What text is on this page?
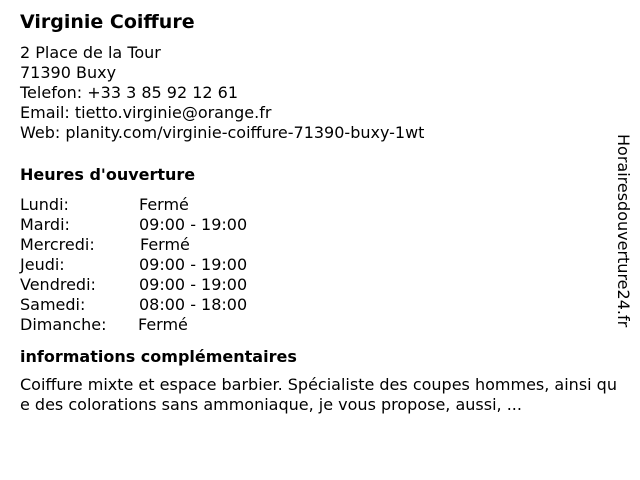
Virginie Coiffure
2 Place de la Tour
71390 Buxy
Telefon: +33 3 85 92 12 61
Email: tietto.virginie@orange.fr
Web: planity.com/virginie-coiffure-71390-buxy-1wt
Heures d'ouverture
Lundi:	Fermé
Mardi:	09:00 - 19:00
Mercredi:	Fermé
Jeudi:	09:00 - 19:00
Vendredi:	09:00 - 19:00
Samedi:	08:00 - 18:00
Dimanche: Fermé
informations complémentaires
Coiffure mixte et espace barbier. Spécialiste des coupes hommes, ainsi que des colorations sans ammoniaque, je vous propose, aussi, ...
Horairesdouverture24.fr
